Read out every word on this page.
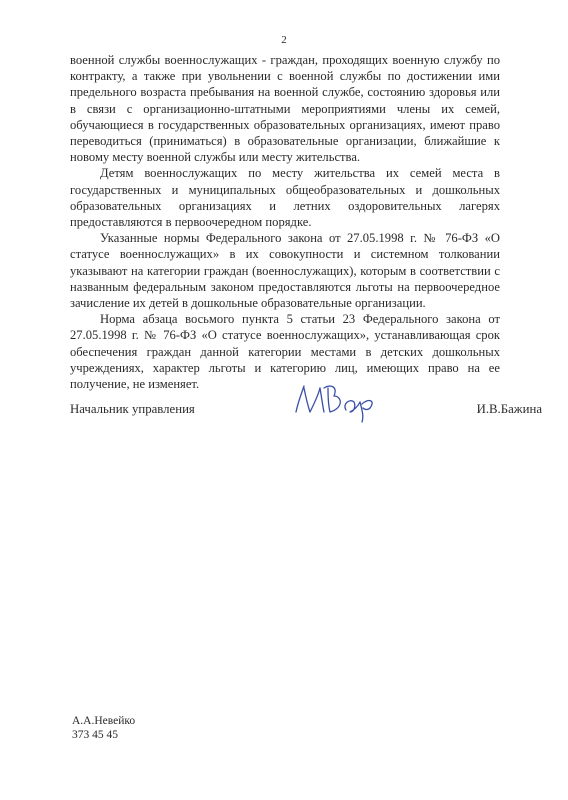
2

военной службы военнослужащих - граждан, проходящих военную службу по контракту, а также при увольнении с военной службы по достижении ими предельного возраста пребывания на военной службе, состоянию здоровья или в связи с организационно-штатными мероприятиями члены их семей, обучающиеся в государственных образовательных организациях, имеют право переводиться (приниматься) в образовательные организации, ближайшие к новому месту военной службы или месту жительства.

Детям военнослужащих по месту жительства их семей места в государственных и муниципальных общеобразовательных и дошкольных образовательных организациях и летних оздоровительных лагерях предоставляются в первоочередном порядке.

Указанные нормы Федерального закона от 27.05.1998 г. № 76-ФЗ «О статусе военнослужащих» в их совокупности и системном толковании указывают на категории граждан (военнослужащих), которым в соответствии с названным федеральным законом предоставляются льготы на первоочередное зачисление их детей в дошкольные образовательные организации.

Норма абзаца восьмого пункта 5 статьи 23 Федерального закона от 27.05.1998 г. № 76-ФЗ «О статусе военнослужащих», устанавливающая срок обеспечения граждан данной категории местами в детских дошкольных учреждениях, характер льготы и категорию лиц, имеющих право на ее получение, не изменяет.

Начальник управления	И.В.Бажина
А.А.Невейко
373 45 45
